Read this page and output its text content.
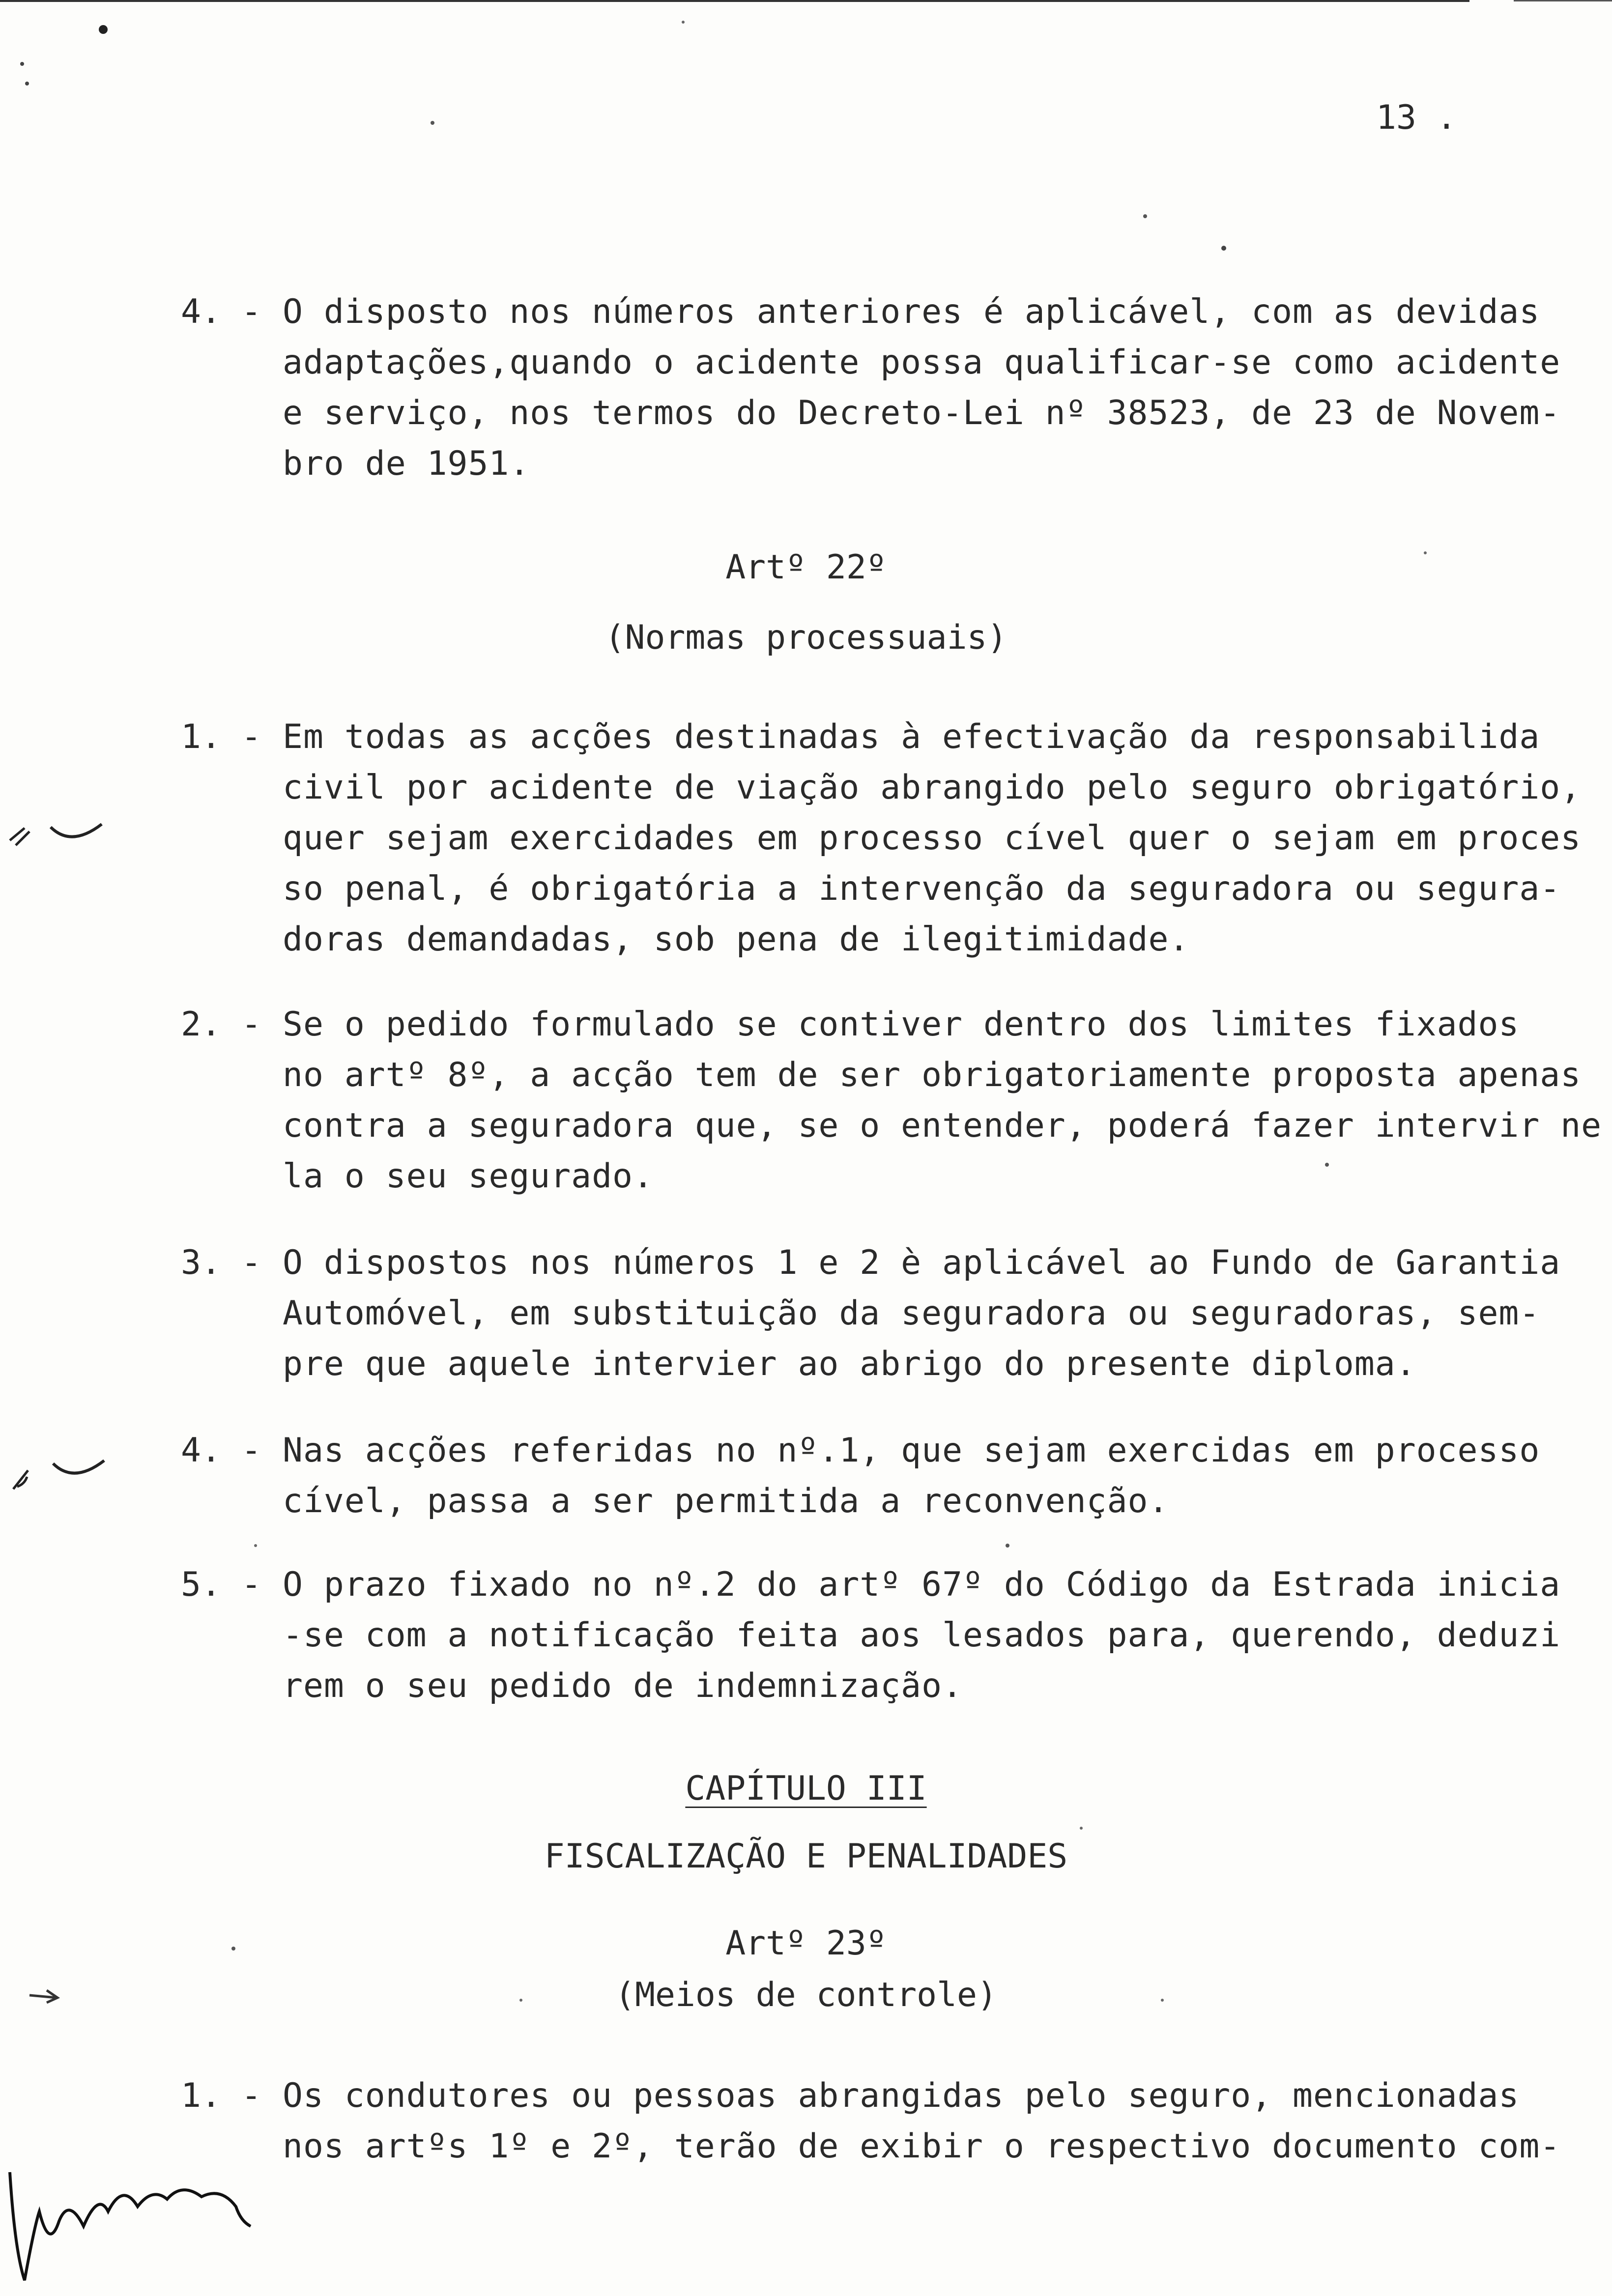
13 .
4. - O disposto nos números anteriores é aplicável, com as devidas
adaptações,quando o acidente possa qualificar-se como acidente
e serviço, nos termos do Decreto-Lei nº 38523, de 23 de Novem-
bro de 1951.
Artº 22º
(Normas processuais)
1. - Em todas as acções destinadas à efectivação da responsabilida
civil por acidente de viação abrangido pelo seguro obrigatório,
quer sejam exercidades em processo cível quer o sejam em proces
so penal, é obrigatória a intervenção da seguradora ou segura-
doras demandadas, sob pena de ilegitimidade.
2. - Se o pedido formulado se contiver dentro dos limites fixados
no artº 8º, a acção tem de ser obrigatoriamente proposta apenas
contra a seguradora que, se o entender, poderá fazer intervir ne
la o seu segurado.
3. - O dispostos nos números 1 e 2 è aplicável ao Fundo de Garantia
Automóvel, em substituição da seguradora ou seguradoras, sem-
pre que aquele intervier ao abrigo do presente diploma.
4. - Nas acções referidas no nº.1, que sejam exercidas em processo
cível, passa a ser permitida a reconvenção.
5. - O prazo fixado no nº.2 do artº 67º do Código da Estrada inicia
-se com a notificação feita aos lesados para, querendo, deduzi
rem o seu pedido de indemnização.
CAPÍTULO III
FISCALIZAÇÃO E PENALIDADES
Artº 23º
(Meios de controle)
1. - Os condutores ou pessoas abrangidas pelo seguro, mencionadas
nos artºs 1º e 2º, terão de exibir o respectivo documento com-
